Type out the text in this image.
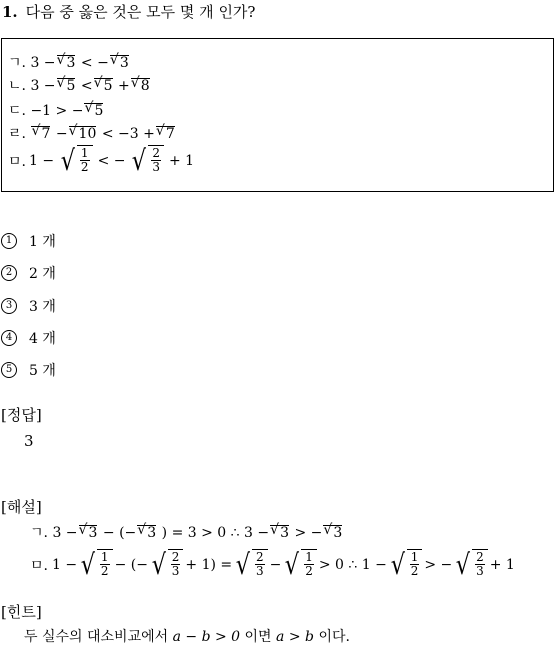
1. 다음 중 옳은 것은 모두 몇 개 인가?
ㄱ. 3 − √ 3 < − √ 3
ㄴ. 3 − √ 5 < √ 5 + √ 8
ㄷ. −1 > − √ 5
ㄹ. √ 7 − √ 10 < −3 + √ 7
ㅁ. 1 − √ $\frac{1}{2}$ < − √ $\frac{2}{3} + 1$
1	1 개
2	2 개
3	3 개
4	4 개
5	5 개
[정답]
3
[해설]
ㄱ. 3 − √ 3 − (− √ 3 ) = 3 > 0 ∴ 3 − √ 3 > − √ 3
ㅁ. 1 − √ $\frac{1}{2}$ − (− √ $\frac{2}{3} + 1$) = √ $\frac{2}{3}$ − √ $\frac{1}{2} > 0$ ∴ 1 − √ $\frac{1}{2}$ > − √ $\frac{2}{3} + 1$
[힌트]
두 실수의 대소비교에서 a − b > 0 이면 a > b 이다.
